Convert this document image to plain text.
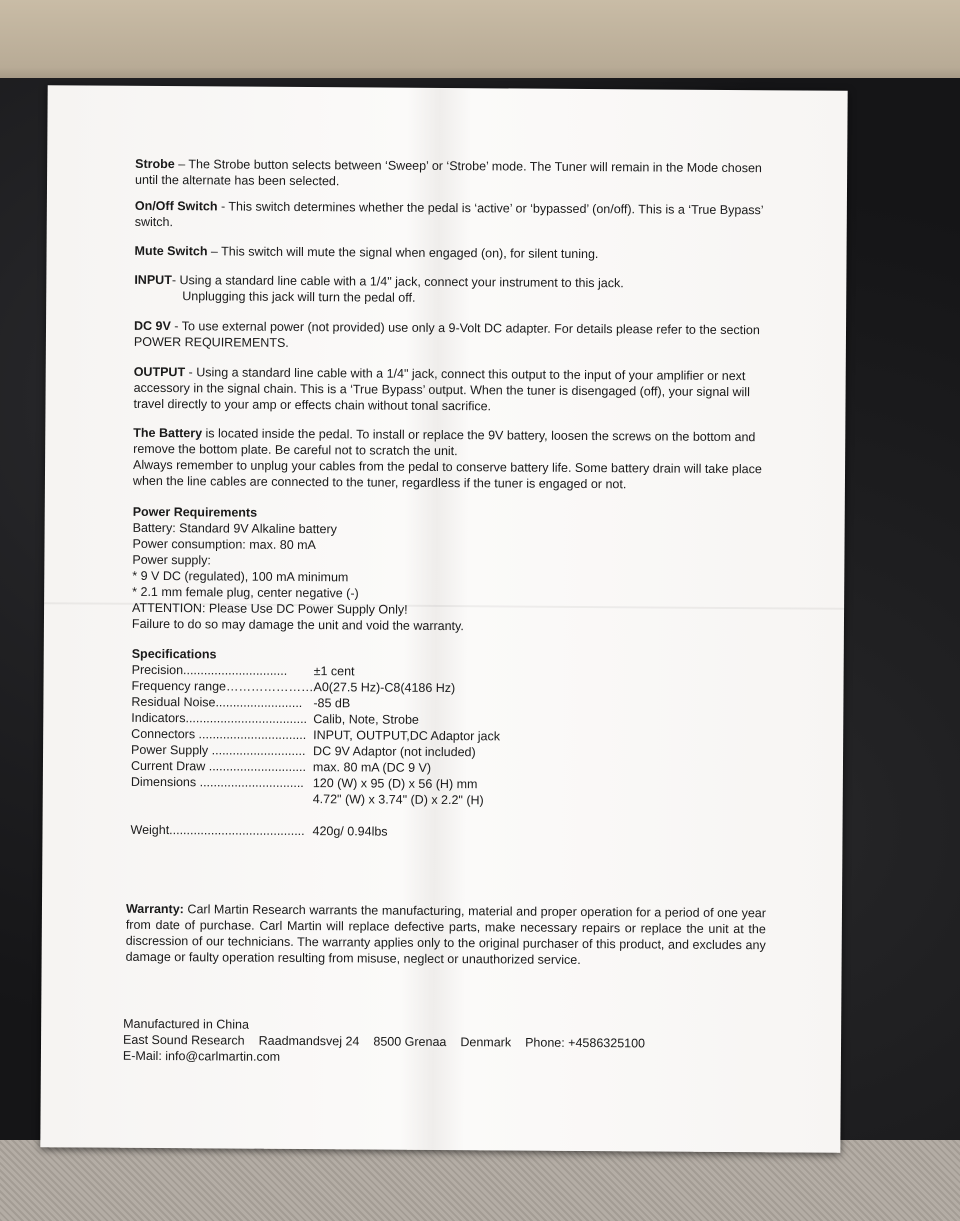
Strobe – The Strobe button selects between ‘Sweep’ or ‘Strobe’ mode. The Tuner will remain in the Mode chosen until the alternate has been selected.

On/Off Switch - This switch determines whether the pedal is ‘active’ or ‘bypassed’ (on/off). This is a ‘True Bypass’ switch.

Mute Switch – This switch will mute the signal when engaged (on), for silent tuning.

INPUT- Using a standard line cable with a 1/4" jack, connect your instrument to this jack.

Unplugging this jack will turn the pedal off.

DC 9V - To use external power (not provided) use only a 9-Volt DC adapter. For details please refer to the section POWER REQUIREMENTS.

OUTPUT - Using a standard line cable with a 1/4" jack, connect this output to the input of your amplifier or next accessory in the signal chain. This is a ‘True Bypass’ output. When the tuner is disengaged (off), your signal will travel directly to your amp or effects chain without tonal sacrifice.

The Battery is located inside the pedal. To install or replace the 9V battery, loosen the screws on the bottom and remove the bottom plate. Be careful not to scratch the unit.

Always remember to unplug your cables from the pedal to conserve battery life. Some battery drain will take place when the line cables are connected to the tuner, regardless if the tuner is engaged or not.

Power Requirements

Battery: Standard 9V Alkaline battery

Power consumption: max. 80 mA

Power supply:

* 9 V DC (regulated), 100 mA minimum

* 2.1 mm female plug, center negative (-)

ATTENTION: Please Use DC Power Supply Only!

Failure to do so may damage the unit and void the warranty.

Specifications

Precision..............................	±1 cent
Frequency range………………… A0(27.5 Hz)-C8(4186 Hz)
Residual Noise......................... -85 dB
Indicators................................... Calib, Note, Strobe
Connectors ............................... INPUT, OUTPUT,DC Adaptor jack
Power Supply ........................... DC 9V Adaptor (not included)
Current Draw ............................ max. 80 mA (DC 9 V)
Dimensions .............................. 120 (W) x 95 (D) x 56 (H) mm
4.72" (W) x 3.74" (D) x 2.2" (H)
Weight....................................... 420g/ 0.94lbs
Warranty: Carl Martin Research warrants the manufacturing, material and proper operation for a period of one year from date of purchase. Carl Martin will replace defective parts, make necessary repairs or replace the unit at the discression of our technicians. The warranty applies only to the original purchaser of this product, and excludes any damage or faulty operation resulting from misuse, neglect or unauthorized service.
Manufactured in China
East Sound Research Raadmandsvej 24 8500 Grenaa Denmark Phone: +4586325100
E-Mail: info@carlmartin.com
